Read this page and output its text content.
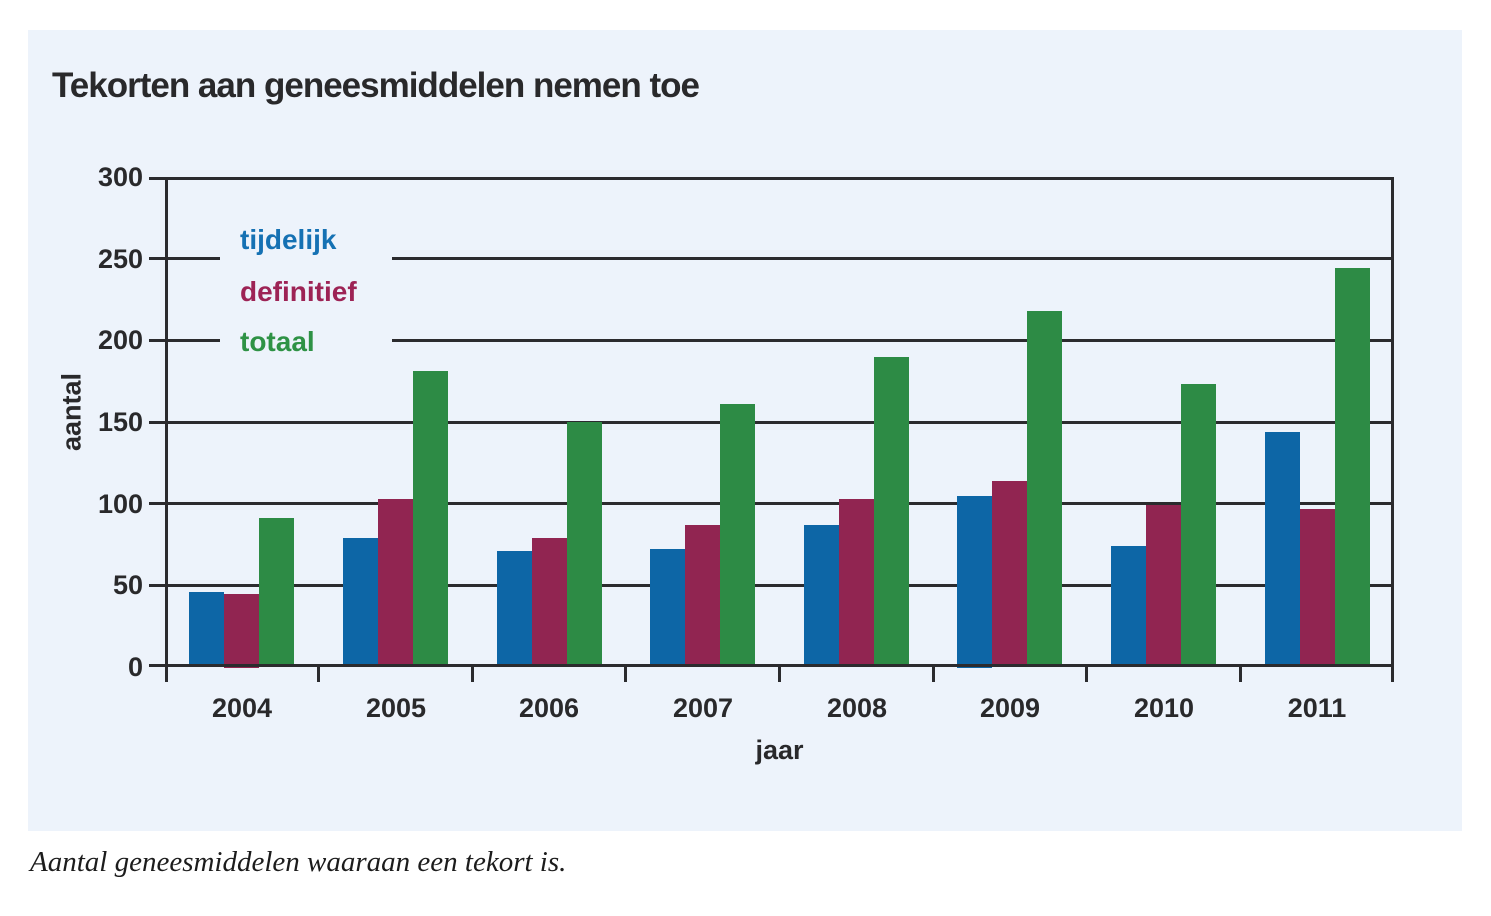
Tekorten aan geneesmiddelen nemen toe
jaar
tijdelijk
definitief
totaal
0
50
100
150
200
250
300
2004	2005	2006	2007	2008	2009	2010	2011
aantal
Aantal geneesmiddelen waaraan een tekort is.
